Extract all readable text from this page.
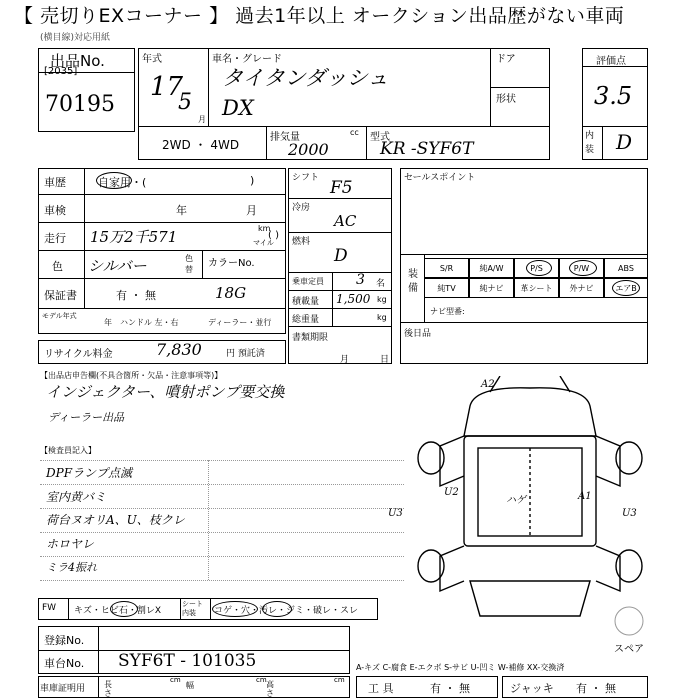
【 売切りEXコーナー 】 過去1年以上 オークション出品歴がない車両
(横目線)対応用紙
出品No.
[2035]
70195
年式
17
5
月
車名・グレード
タイタンダッシュ
DX
ドア
形状
2WD ・ 4WD
排気量	cc
2000
型式
KR -SYF6T
評価点
3.5
内装 D
車歴	自家用・(	)
車検	年	月
走行 15万2千571	km
マイル
( )
色 シルバー	色替
カラーNo.
保証書	有 ・ 無	18G
モデル年式
年 ハンドル 左・右	ディーラー・並行
リサイクル料金	7,830	円 預託済
シフト F5
冷房
AC
燃料
D
乗車定員 3 名
積載量 1,500 kg
総重量	kg
書類期限
月	日
セールスポイント
装備
S/R	純A/W	P/S	P/W	ABS
純TV	純ナビ	革シート	外ナビ	エアB
ナビ型番:
後日品
【出品店申告欄(不具合箇所・欠品・注意事項等)】
インジェクター、噴射ポンプ要交換
ディーラー出品
【検査員記入】
DPFランプ点滅
室内黄バミ
荷台ヌオリA、U、枝クレ
ホロヤレ
ミラ4振れ
A2
U2
ハゲ	A1
U3	U3
スペア
FW キズ・ヒビ石・割レX
シート内装	コゲ・穴・汚レ・ジミ・破レ・スレ
登録No.
車台No. SYF6T - 101035	A-キズ C-腐食 E-エクボ S-サビ U-凹ミ W-補修 XX-交換済
車庫証明用 長さ
cm
幅
cm 高さ
cm
工 具	有 ・ 無	ジャッキ 有 ・ 無
